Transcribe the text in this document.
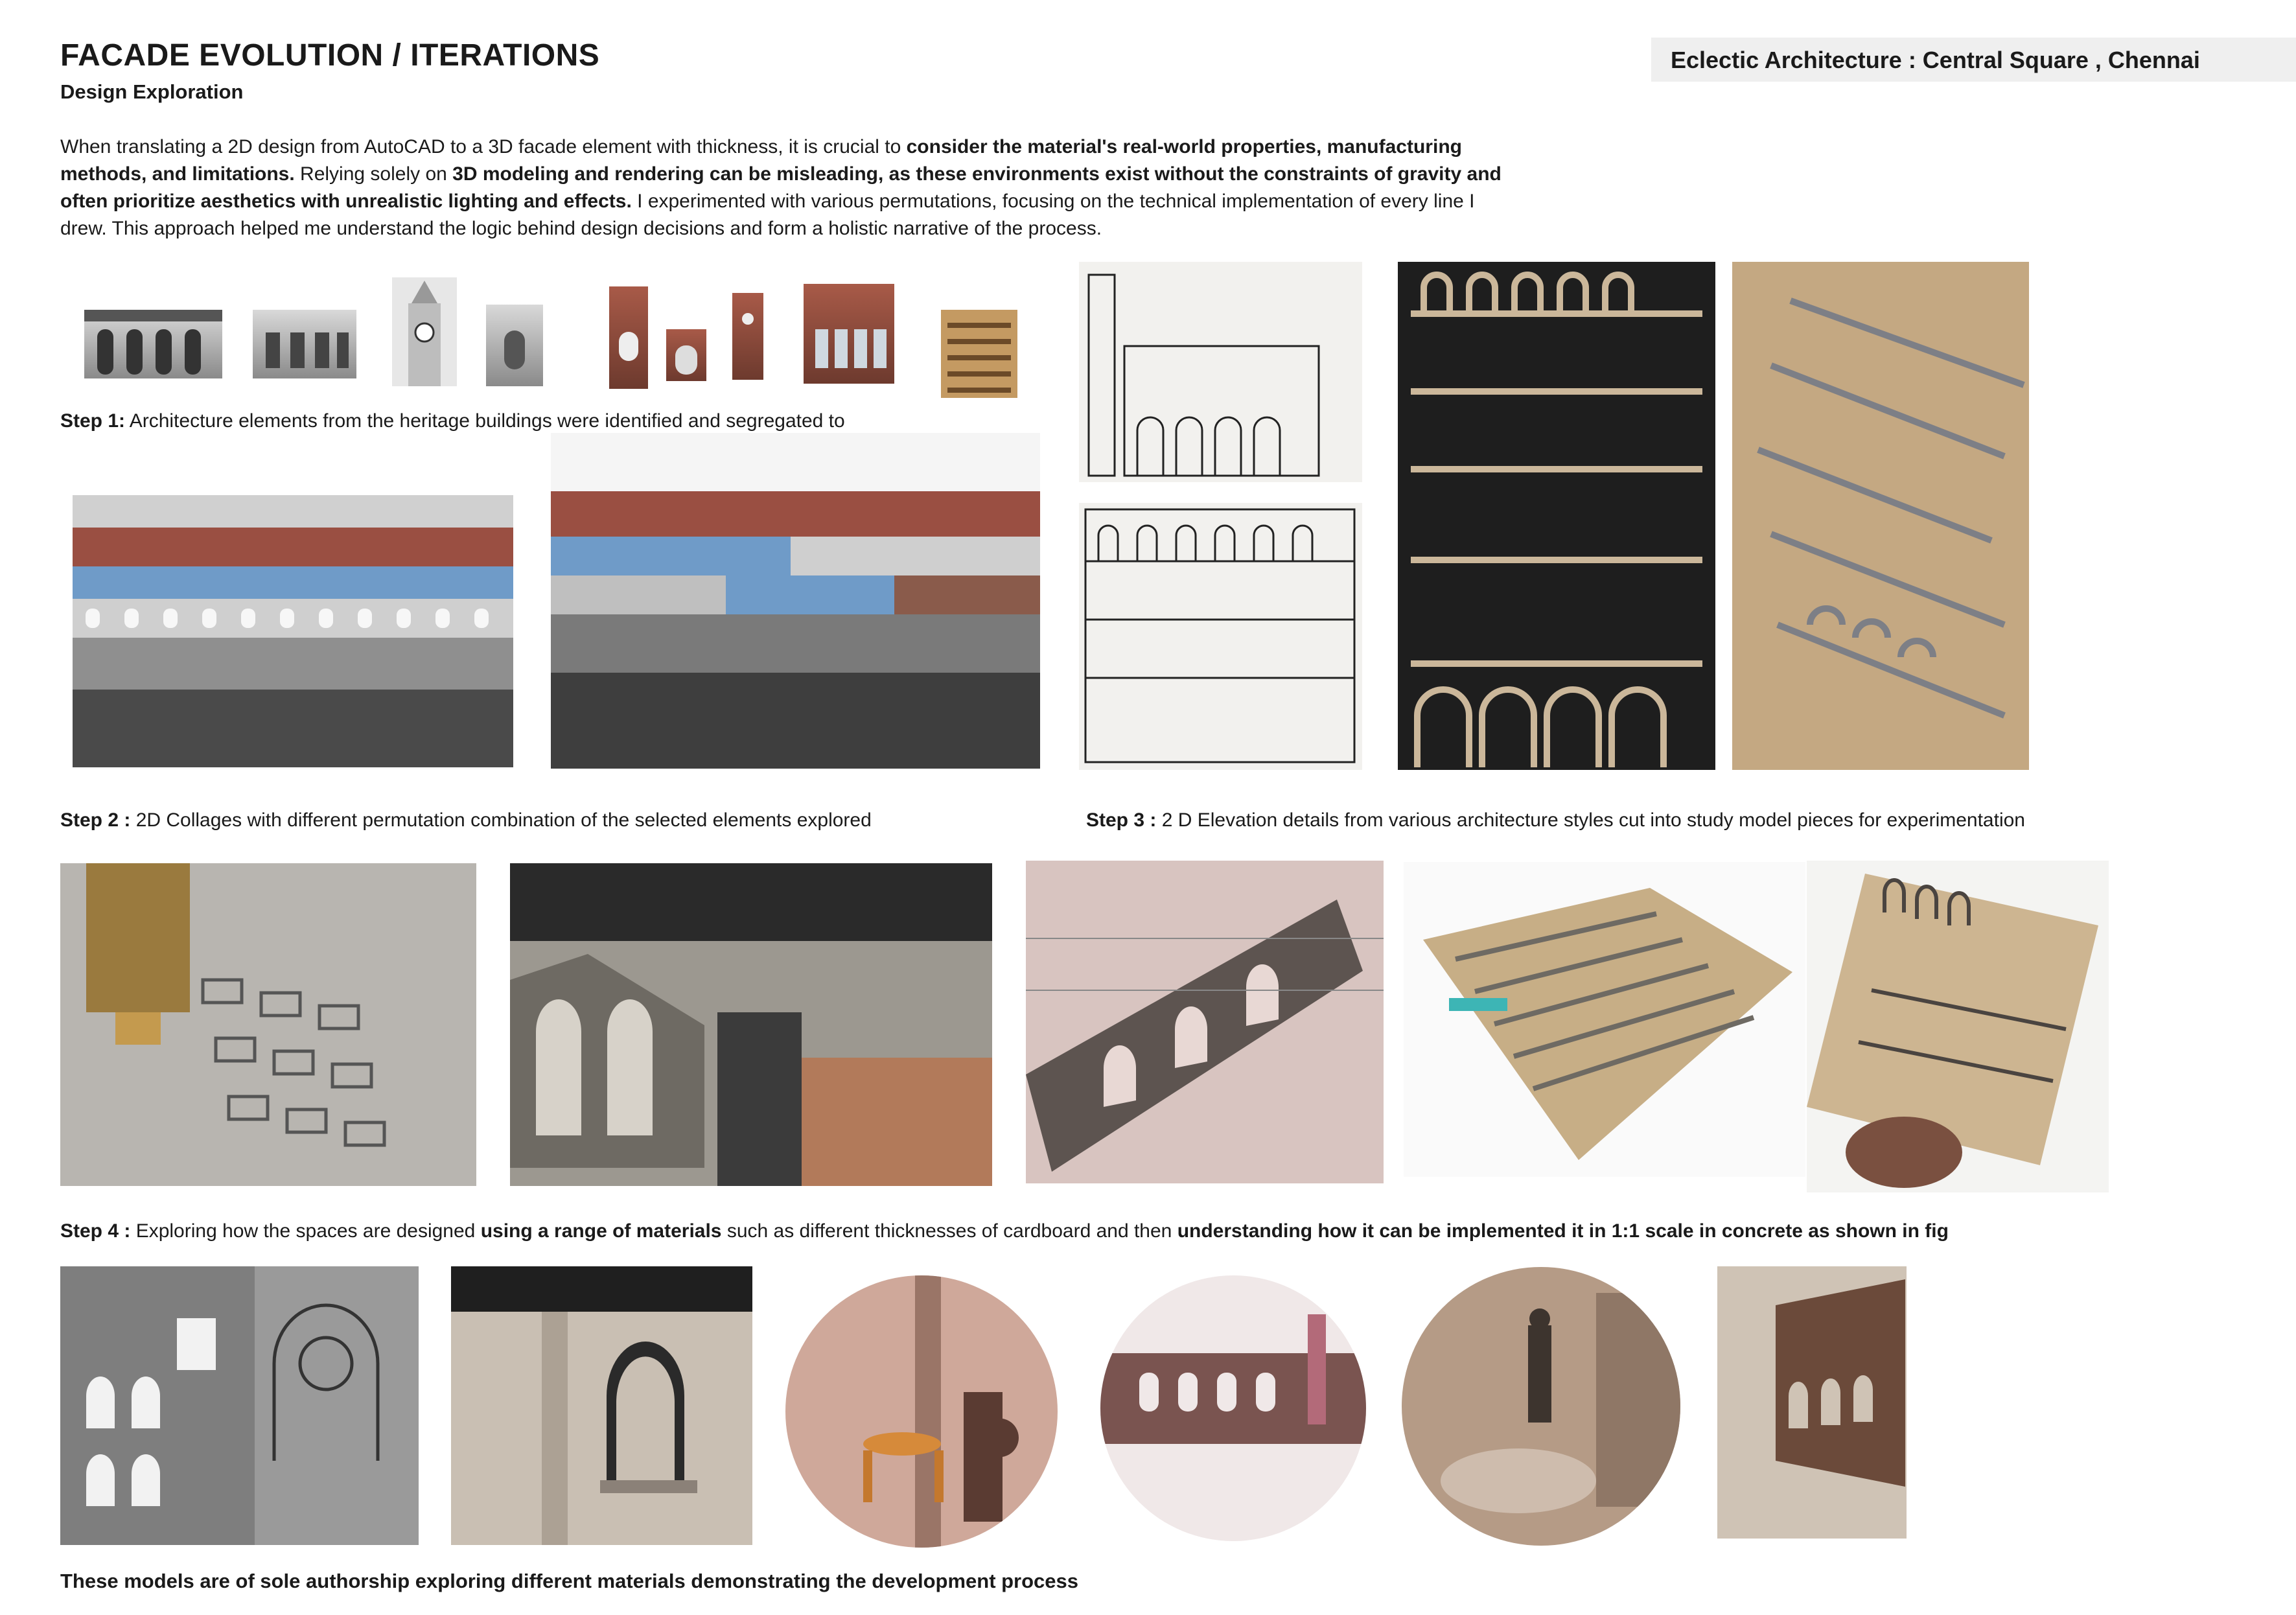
FACADE EVOLUTION / ITERATIONS
Design Exploration
Eclectic Architecture : Central Square , Chennai
When translating a 2D design from AutoCAD to a 3D facade element with thickness, it is crucial to consider the material's real-world properties, manufacturing methods, and limitations. Relying solely on 3D modeling and rendering can be misleading, as these environments exist without the constraints of gravity and often prioritize aesthetics with unrealistic lighting and effects. I experimented with various permutations, focusing on the technical implementation of every line I drew. This approach helped me understand the logic behind design decisions and form a holistic narrative of the process.
Step 1: Architecture elements from the heritage buildings were identified and segregated to
Step 2 : 2D Collages with different permutation combination of the selected elements explored	Step 3 : 2 D Elevation details from various architecture styles cut into study model pieces for experimentation
Step 4 : Exploring how the spaces are designed using a range of materials such as different thicknesses of cardboard and then understanding how it can be implemented it in 1:1 scale in concrete as shown in fig
These models are of sole authorship exploring different materials demonstrating the development process
